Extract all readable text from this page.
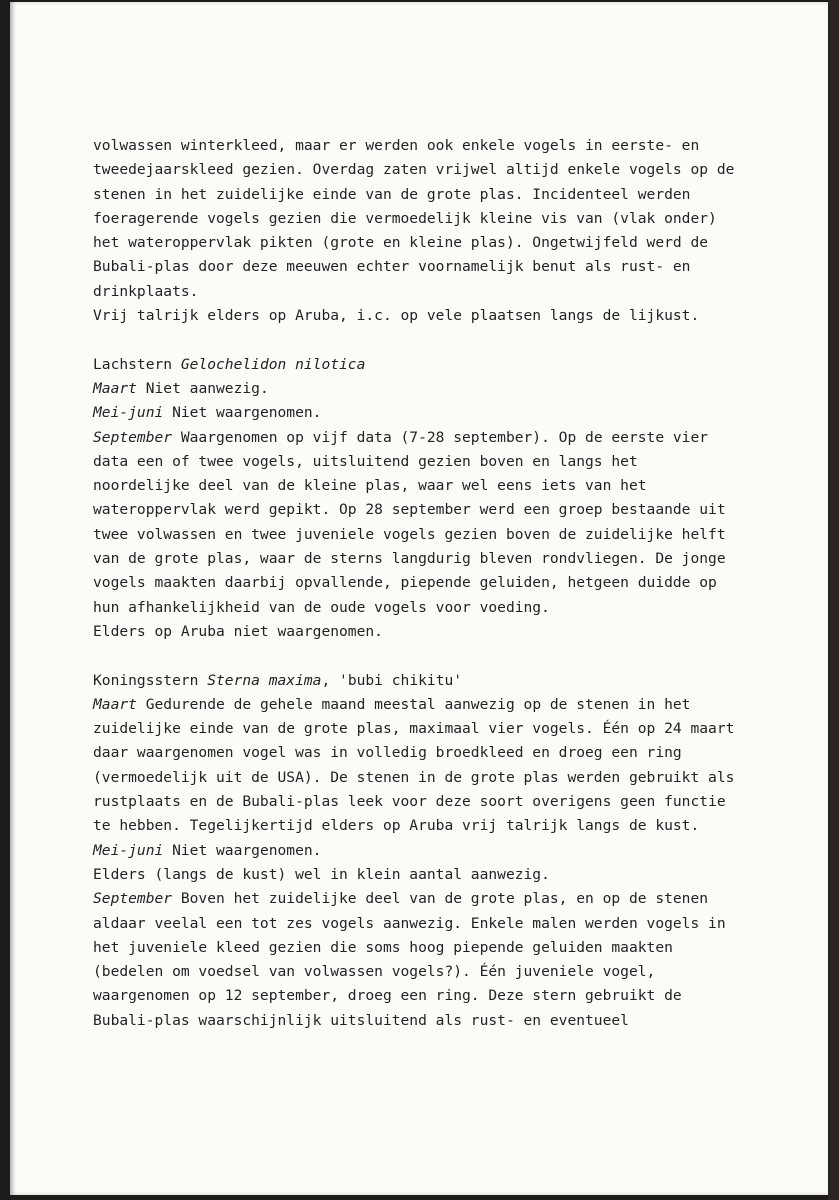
volwassen winterkleed, maar er werden ook enkele vogels in eerste- en
tweedejaarskleed gezien. Overdag zaten vrijwel altijd enkele vogels op de
stenen in het zuidelijke einde van de grote plas. Incidenteel werden
foeragerende vogels gezien die vermoedelijk kleine vis van (vlak onder)
het wateroppervlak pikten (grote en kleine plas). Ongetwijfeld werd de
Bubali-plas door deze meeuwen echter voornamelijk benut als rust- en
drinkplaats.
Vrij talrijk elders op Aruba, i.c. op vele plaatsen langs de lijkust.
Lachstern Gelochelidon nilotica
Maart Niet aanwezig.
Mei-juni Niet waargenomen.
September Waargenomen op vijf data (7-28 september). Op de eerste vier
data een of twee vogels, uitsluitend gezien boven en langs het
noordelijke deel van de kleine plas, waar wel eens iets van het
wateroppervlak werd gepikt. Op 28 september werd een groep bestaande uit
twee volwassen en twee juveniele vogels gezien boven de zuidelijke helft
van de grote plas, waar de sterns langdurig bleven rondvliegen. De jonge
vogels maakten daarbij opvallende, piepende geluiden, hetgeen duidde op
hun afhankelijkheid van de oude vogels voor voeding.
Elders op Aruba niet waargenomen.
Koningsstern Sterna maxima, 'bubi chikitu'
Maart Gedurende de gehele maand meestal aanwezig op de stenen in het
zuidelijke einde van de grote plas, maximaal vier vogels. Één op 24 maart
daar waargenomen vogel was in volledig broedkleed en droeg een ring
(vermoedelijk uit de USA). De stenen in de grote plas werden gebruikt als
rustplaats en de Bubali-plas leek voor deze soort overigens geen functie
te hebben. Tegelijkertijd elders op Aruba vrij talrijk langs de kust.
Mei-juni Niet waargenomen.
Elders (langs de kust) wel in klein aantal aanwezig.
September Boven het zuidelijke deel van de grote plas, en op de stenen
aldaar veelal een tot zes vogels aanwezig. Enkele malen werden vogels in
het juveniele kleed gezien die soms hoog piepende geluiden maakten
(bedelen om voedsel van volwassen vogels?). Één juveniele vogel,
waargenomen op 12 september, droeg een ring. Deze stern gebruikt de
Bubali-plas waarschijnlijk uitsluitend als rust- en eventueel
